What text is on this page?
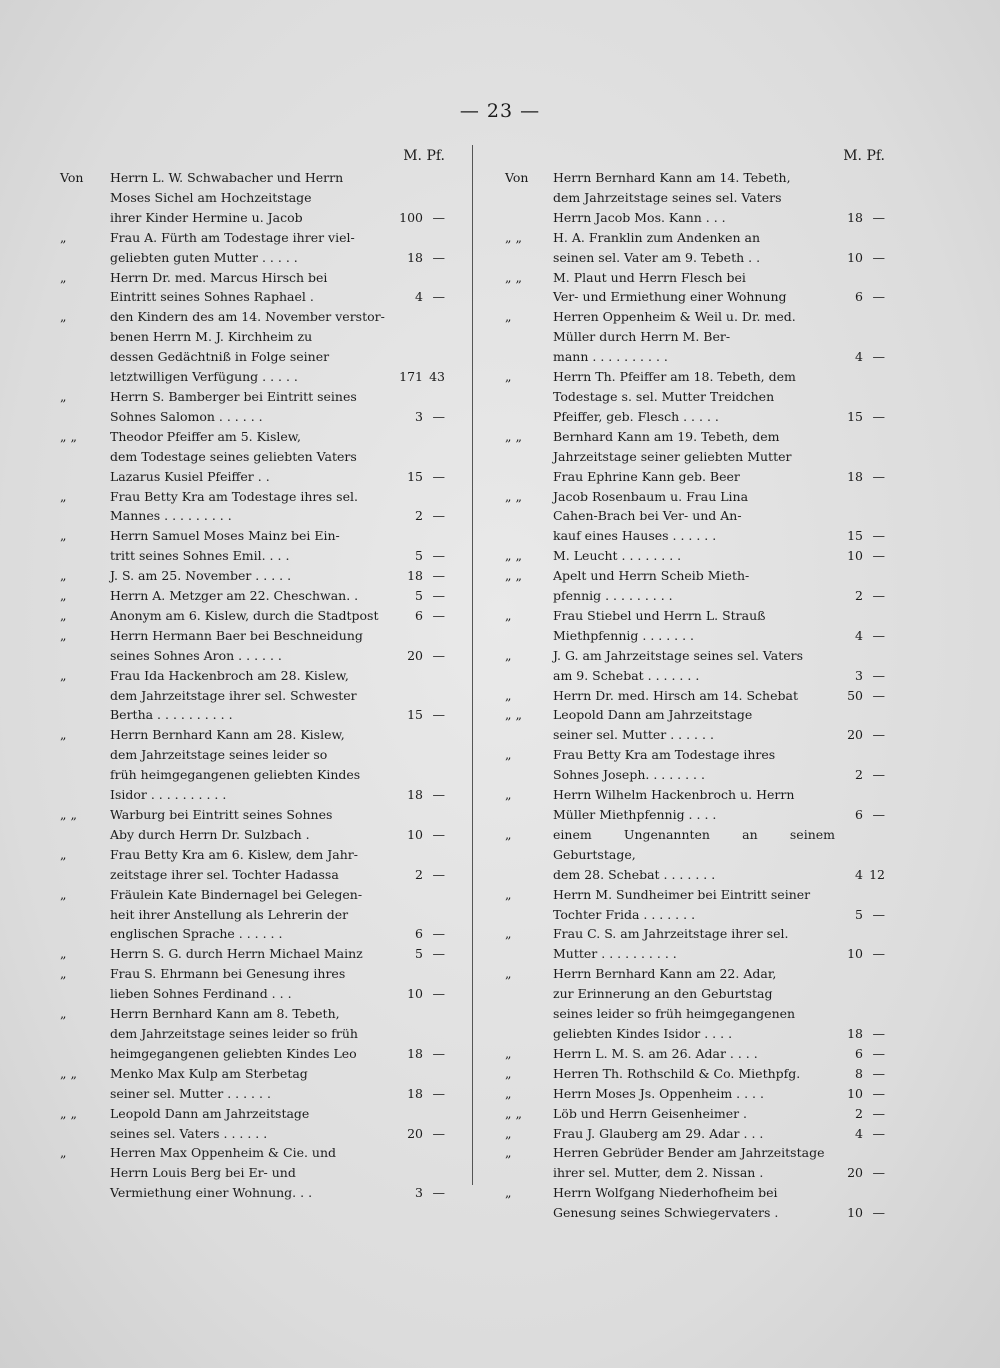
— 23 —
M. Pf.
Von	Herrn L. W. Schwabacher und Herrn
Moses Sichel am Hochzeitstage
ihrer Kinder Hermine u. Jacob	100 —
„	Frau A. Fürth am Todestage ihrer viel-
geliebten guten Mutter . . . . .	18 —
„	Herrn Dr. med. Marcus Hirsch bei
Eintritt seines Sohnes Raphael .	4 —
„	den Kindern des am 14. November verstor-
benen Herrn M. J. Kirchheim zu
dessen Gedächtniß in Folge seiner
letztwilligen Verfügung . . . . .	171 43
„	Herrn S. Bamberger bei Eintritt seines
Sohnes Salomon . . . . . .	3 —
„ „	Theodor Pfeiffer am 5. Kislew,
dem Todestage seines geliebten Vaters
Lazarus Kusiel Pfeiffer . .	15 —
„	Frau Betty Kra am Todestage ihres sel.
Mannes . . . . . . . . .	2 —
„	Herrn Samuel Moses Mainz bei Ein-
tritt seines Sohnes Emil. . . .	5 —
„	J. S. am 25. November . . . . .	18 —
„	Herrn A. Metzger am 22. Cheschwan. .	5 —
„	Anonym am 6. Kislew, durch die Stadtpost	6 —
„	Herrn Hermann Baer bei Beschneidung
seines Sohnes Aron . . . . . .	20 —
„	Frau Ida Hackenbroch am 28. Kislew,
dem Jahrzeitstage ihrer sel. Schwester
Bertha . . . . . . . . . .	15 —
„	Herrn Bernhard Kann am 28. Kislew,
dem Jahrzeitstage seines leider so
früh heimgegangenen geliebten Kindes
Isidor . . . . . . . . . .	18 —
„ „	Warburg bei Eintritt seines Sohnes
Aby durch Herrn Dr. Sulzbach .	10 —
„	Frau Betty Kra am 6. Kislew, dem Jahr-
zeitstage ihrer sel. Tochter Hadassa	2 —
„	Fräulein Kate Bindernagel bei Gelegen-
heit ihrer Anstellung als Lehrerin der
englischen Sprache . . . . . .	6 —
„	Herrn S. G. durch Herrn Michael Mainz	5 —
„	Frau S. Ehrmann bei Genesung ihres
lieben Sohnes Ferdinand . . .	10 —
„	Herrn Bernhard Kann am 8. Tebeth,
dem Jahrzeitstage seines leider so früh
heimgegangenen geliebten Kindes Leo	18 —
„ „	Menko Max Kulp am Sterbetag
seiner sel. Mutter . . . . . .	18 —
„ „	Leopold Dann am Jahrzeitstage
seines sel. Vaters . . . . . .	20 —
„	Herren Max Oppenheim & Cie. und
Herrn Louis Berg bei Er- und
Vermiethung einer Wohnung. . .	3 —
M. Pf.
Von	Herrn Bernhard Kann am 14. Tebeth,
dem Jahrzeitstage seines sel. Vaters
Herrn Jacob Mos. Kann . . .	18 —
„ „	H. A. Franklin zum Andenken an
seinen sel. Vater am 9. Tebeth . .	10 —
„ „	M. Plaut und Herrn Flesch bei
Ver- und Ermiethung einer Wohnung	6 —
„	Herren Oppenheim & Weil u. Dr. med.
Müller durch Herrn M. Ber-
mann . . . . . . . . . .	4 —
„	Herrn Th. Pfeiffer am 18. Tebeth, dem
Todestage s. sel. Mutter Treidchen
Pfeiffer, geb. Flesch . . . . .	15 —
„ „	Bernhard Kann am 19. Tebeth, dem
Jahrzeitstage seiner geliebten Mutter
Frau Ephrine Kann geb. Beer	18 —
„ „	Jacob Rosenbaum u. Frau Lina
Cahen-Brach bei Ver- und An-
kauf eines Hauses . . . . . .	15 —
„ „	M. Leucht . . . . . . . .	10 —
„ „	Apelt und Herrn Scheib Mieth-
pfennig . . . . . . . . .	2 —
„	Frau Stiebel und Herrn L. Strauß
Miethpfennig . . . . . . .	4 —
„	J. G. am Jahrzeitstage seines sel. Vaters
am 9. Schebat . . . . . . .	3 —
„	Herrn Dr. med. Hirsch am 14. Schebat	50 —
„ „	Leopold Dann am Jahrzeitstage
seiner sel. Mutter . . . . . .	20 —
„	Frau Betty Kra am Todestage ihres
Sohnes Joseph. . . . . . . .	2 —
„	Herrn Wilhelm Hackenbroch u. Herrn
Müller Miethpfennig . . . .	6 —
„	einem Ungenannten an seinem Geburtstage,
dem 28. Schebat . . . . . . .	4 12
„	Herrn M. Sundheimer bei Eintritt seiner
Tochter Frida . . . . . . .	5 —
„	Frau C. S. am Jahrzeitstage ihrer sel.
Mutter . . . . . . . . . .	10 —
„	Herrn Bernhard Kann am 22. Adar,
zur Erinnerung an den Geburtstag
seines leider so früh heimgegangenen
geliebten Kindes Isidor . . . .	18 —
„	Herrn L. M. S. am 26. Adar . . . .	6 —
„	Herren Th. Rothschild & Co. Miethpfg.	8 —
„	Herrn Moses Js. Oppenheim . . . .	10 —
„ „	Löb und Herrn Geisenheimer .	2 —
„	Frau J. Glauberg am 29. Adar . . .	4 —
„	Herren Gebrüder Bender am Jahrzeitstage
ihrer sel. Mutter, dem 2. Nissan .	20 —
„	Herrn Wolfgang Niederhofheim bei
Genesung seines Schwiegervaters .	10 —
